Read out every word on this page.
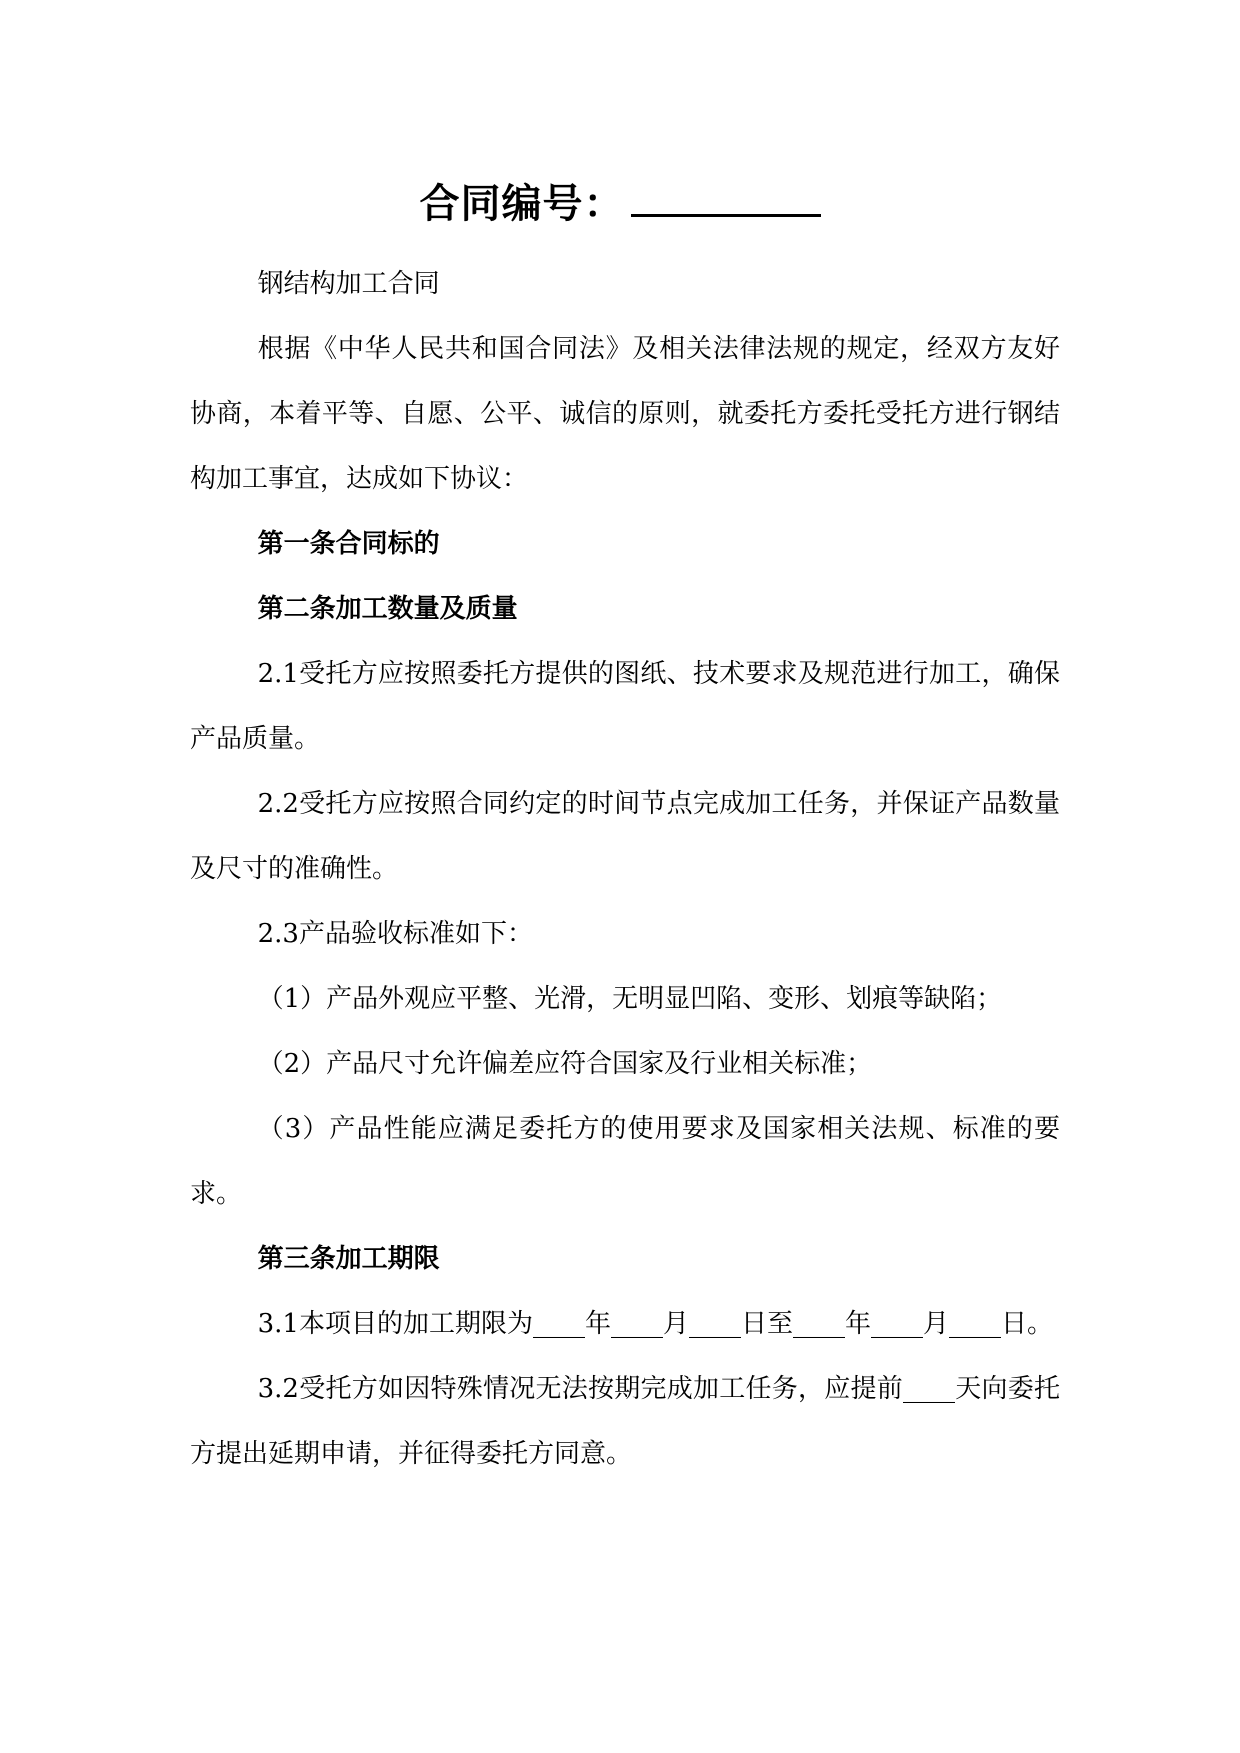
合同编号：

钢结构加工合同

根据《中华人民共和国合同法》及相关法律法规的规定，经双方友好协商，本着平等、自愿、公平、诚信的原则，就委托方委托受托方进行钢结构加工事宜，达成如下协议：

第一条合同标的

第二条加工数量及质量

2.1受托方应按照委托方提供的图纸、技术要求及规范进行加工，确保产品质量。

2.2受托方应按照合同约定的时间节点完成加工任务，并保证产品数量及尺寸的准确性。

2.3产品验收标准如下：

（1）产品外观应平整、光滑，无明显凹陷、变形、划痕等缺陷；

（2）产品尺寸允许偏差应符合国家及行业相关标准；

（3）产品性能应满足委托方的使用要求及国家相关法规、标准的要求。

第三条加工期限

3.1本项目的加工期限为____年____月____日至____年____月____日。

3.2受托方如因特殊情况无法按期完成加工任务，应提前____天向委托方提出延期申请，并征得委托方同意。
